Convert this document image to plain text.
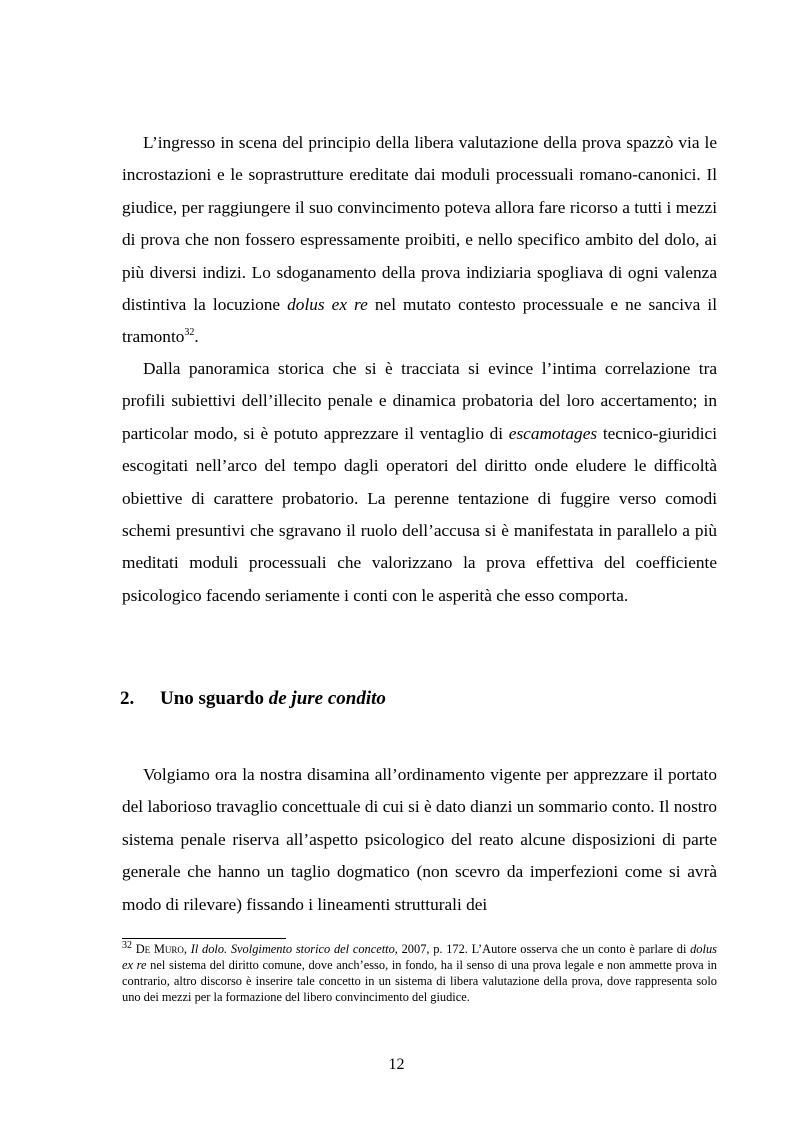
L’ingresso in scena del principio della libera valutazione della prova spazzò via le incrostazioni e le soprastrutture ereditate dai moduli processuali romano-canonici. Il giudice, per raggiungere il suo convincimento poteva allora fare ricorso a tutti i mezzi di prova che non fossero espressamente proibiti, e nello specifico ambito del dolo, ai più diversi indizi. Lo sdoganamento della prova indiziaria spogliava di ogni valenza distintiva la locuzione dolus ex re nel mutato contesto processuale e ne sanciva il tramonto$^{32}$.

Dalla panoramica storica che si è tracciata si evince l’intima correlazione tra profili subiettivi dell’illecito penale e dinamica probatoria del loro accertamento; in particolar modo, si è potuto apprezzare il ventaglio di escamotages tecnico-giuridici escogitati nell’arco del tempo dagli operatori del diritto onde eludere le difficoltà obiettive di carattere probatorio. La perenne tentazione di fuggire verso comodi schemi presuntivi che sgravano il ruolo dell’accusa si è manifestata in parallelo a più meditati moduli processuali che valorizzano la prova effettiva del coefficiente psicologico facendo seriamente i conti con le asperità che esso comporta.

2. Uno sguardo de jure condito

Volgiamo ora la nostra disamina all’ordinamento vigente per apprezzare il portato del laborioso travaglio concettuale di cui si è dato dianzi un sommario conto. Il nostro sistema penale riserva all’aspetto psicologico del reato alcune disposizioni di parte generale che hanno un taglio dogmatico (non scevro da imperfezioni come si avrà modo di rilevare) fissando i lineamenti strutturali dei

$^{32}$ De Muro, Il dolo. Svolgimento storico del concetto, 2007, p. 172. L’Autore osserva che un conto è parlare di dolus ex re nel sistema del diritto comune, dove anch’esso, in fondo, ha il senso di una prova legale e non ammette prova in contrario, altro discorso è inserire tale concetto in un sistema di libera valutazione della prova, dove rappresenta solo uno dei mezzi per la formazione del libero convincimento del giudice.

12
